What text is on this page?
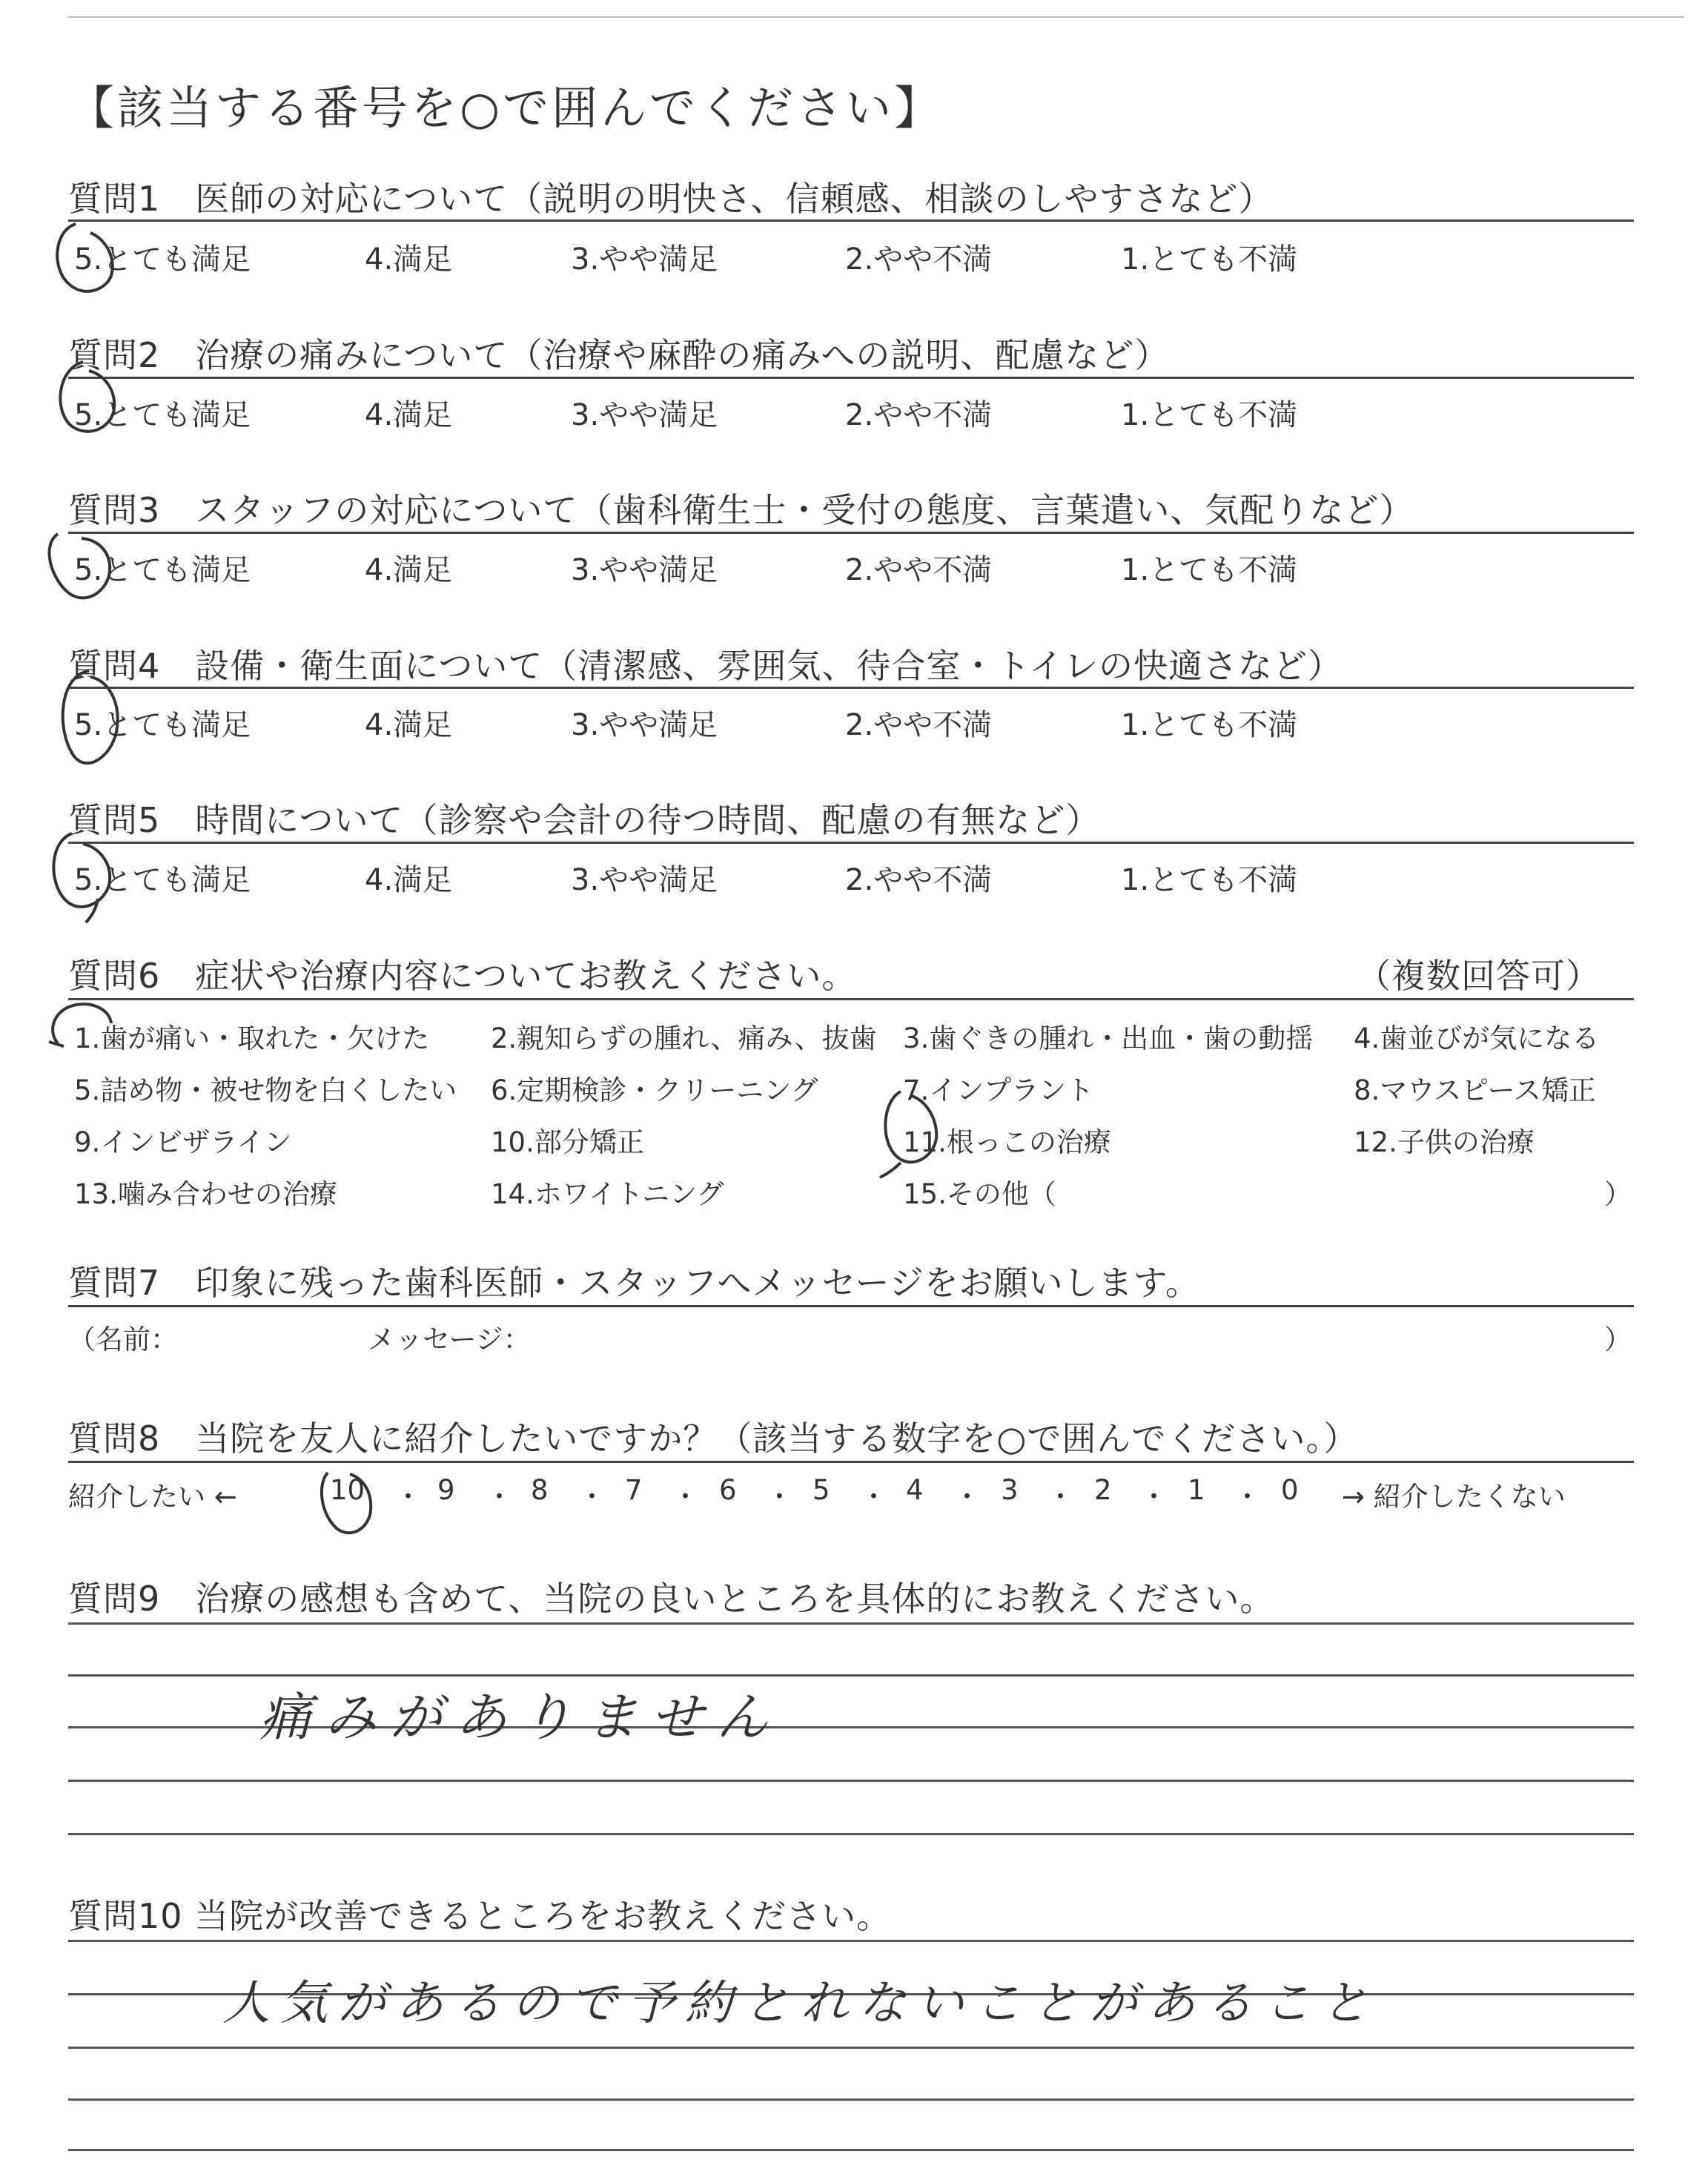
【該当する番号を○で囲んでください】
質問1　医師の対応について（説明の明快さ、信頼感、相談のしやすさなど）
5.とても満足	4.満足	3.やや満足	2.やや不満	1.とても不満
質問2　治療の痛みについて（治療や麻酔の痛みへの説明、配慮など）
5.とても満足	4.満足	3.やや満足	2.やや不満	1.とても不満
質問3　スタッフの対応について（歯科衛生士・受付の態度、言葉遣い、気配りなど）
5.とても満足	4.満足	3.やや満足	2.やや不満	1.とても不満
質問4　設備・衛生面について（清潔感、雰囲気、待合室・トイレの快適さなど）
5.とても満足	4.満足	3.やや満足	2.やや不満	1.とても不満
質問5　時間について（診察や会計の待つ時間、配慮の有無など）
5.とても満足	4.満足	3.やや満足	2.やや不満	1.とても不満
質問6　症状や治療内容についてお教えください。	（複数回答可）
1.歯が痛い・取れた・欠けた 2.親知らずの腫れ、痛み、抜歯 3.歯ぐきの腫れ・出血・歯の動揺 4.歯並びが気になる
5.詰め物・被せ物を白くしたい 6.定期検診・クリーニング	7.インプラント	8.マウスピース矯正
9.インビザライン	10.部分矯正	11.根っこの治療	12.子供の治療
13.噛み合わせの治療	14.ホワイトニング	15.その他（	）
質問7　印象に残った歯科医師・スタッフへメッセージをお願いします。
（名前：	メッセージ：	）
質問8　当院を友人に紹介したいですか？（該当する数字を○で囲んでください。）
紹介したい ←	→ 紹介したくない
10 ・ 9 ・ 8 ・ 7 ・ 6 ・ 5 ・ 4 ・ 3 ・ 2 ・ 1 ・ 0
質問9　治療の感想も含めて、当院の良いところを具体的にお教えください。
痛みがありません
質問10 当院が改善できるところをお教えください。
人気があるので予約とれないことがあること
